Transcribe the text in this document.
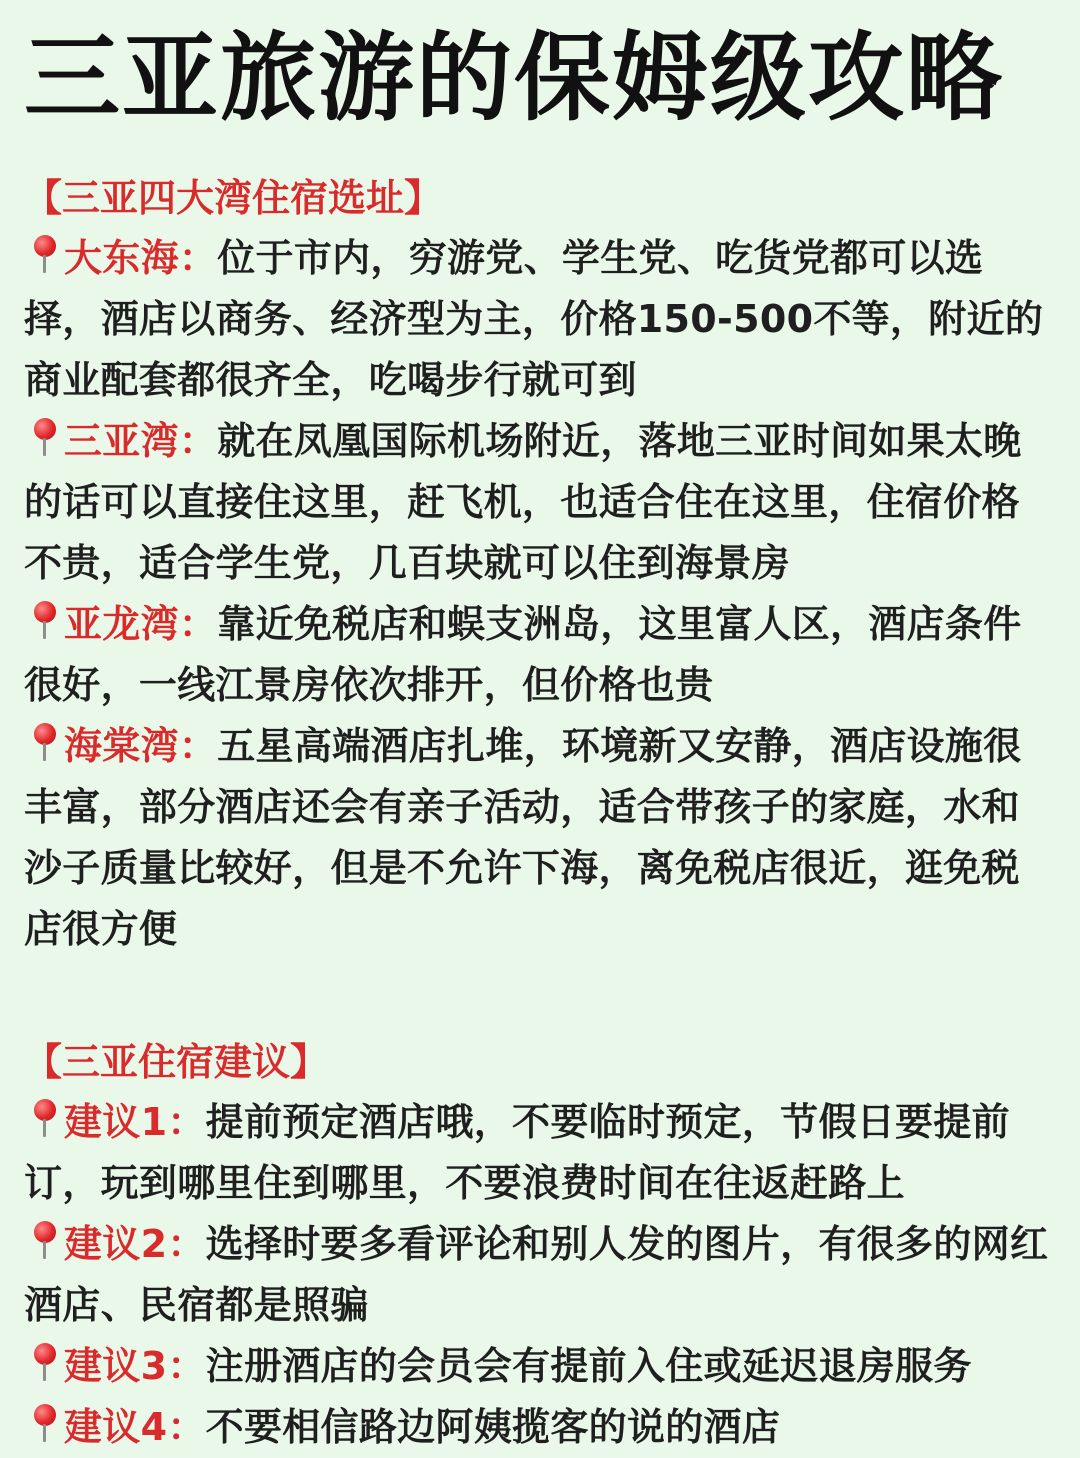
三亚旅游的保姆级攻略
【三亚四大湾住宿选址】
大东海：位于市内，穷游党、学生党、吃货党都可以选择，酒店以商务、经济型为主，价格150-500不等，附近的商业配套都很齐全，吃喝步行就可到
三亚湾：就在凤凰国际机场附近，落地三亚时间如果太晚的话可以直接住这里，赶飞机，也适合住在这里，住宿价格不贵，适合学生党，几百块就可以住到海景房
亚龙湾：靠近免税店和蜈支洲岛，这里富人区，酒店条件很好，一线江景房依次排开，但价格也贵
海棠湾：五星高端酒店扎堆，环境新又安静，酒店设施很丰富，部分酒店还会有亲子活动，适合带孩子的家庭，水和沙子质量比较好，但是不允许下海，离免税店很近，逛免税店很方便
【三亚住宿建议】
建议1：提前预定酒店哦，不要临时预定，节假日要提前订，玩到哪里住到哪里，不要浪费时间在往返赶路上
建议2：选择时要多看评论和别人发的图片，有很多的网红酒店、民宿都是照骗
建议3：注册酒店的会员会有提前入住或延迟退房服务
建议4：不要相信路边阿姨揽客的说的酒店
